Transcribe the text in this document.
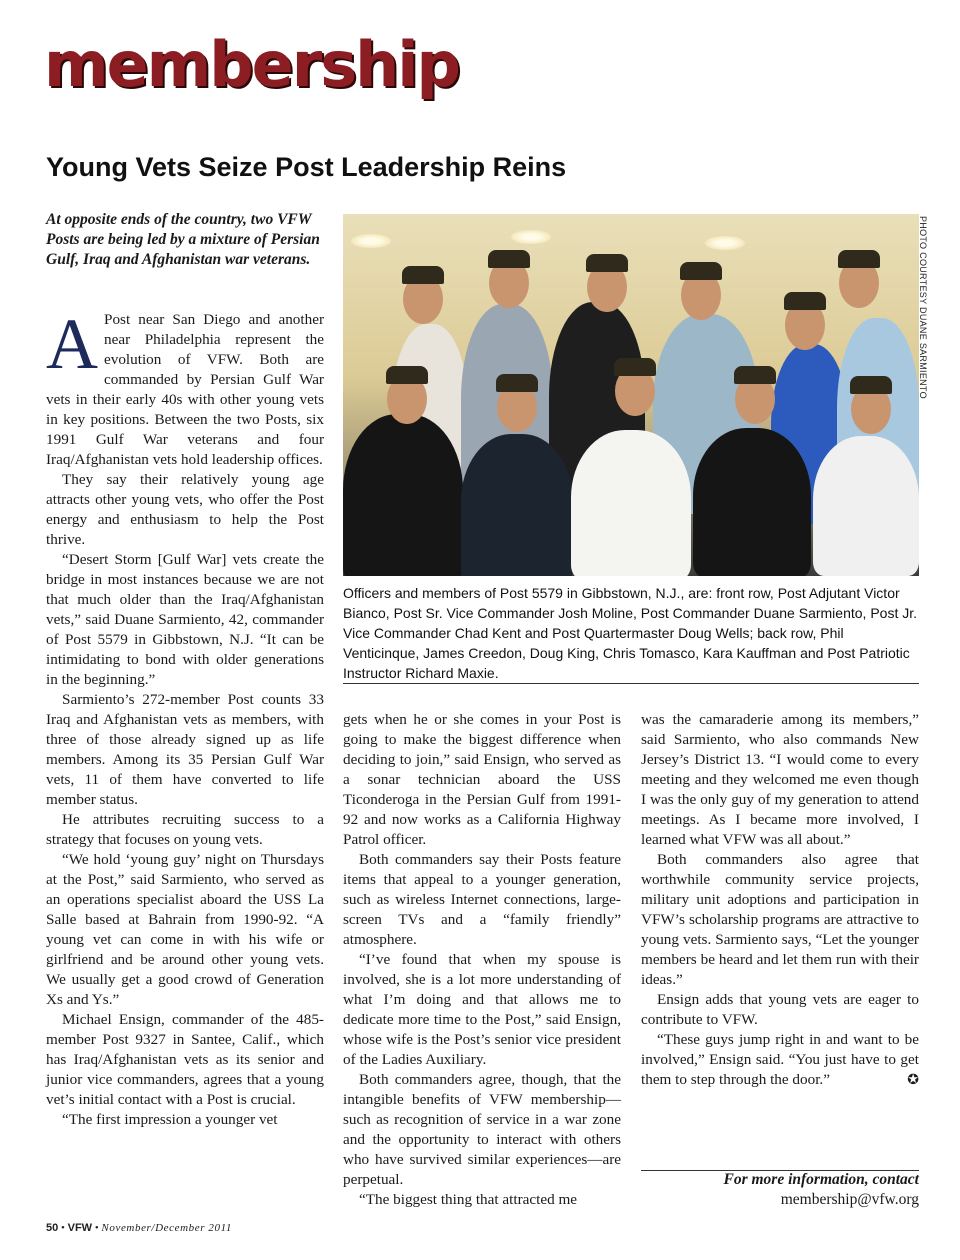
membership
Young Vets Seize Post Leadership Reins
At opposite ends of the country, two VFW Posts are being led by a mixture of Persian Gulf, Iraq and Afghanistan war veterans.

A Post near San Diego and another near Philadelphia represent the evolution of VFW. Both are commanded by Persian Gulf War vets in their early 40s with other young vets in key positions. Between the two Posts, six 1991 Gulf War veterans and four Iraq/Afghanistan vets hold leadership offices.

They say their relatively young age attracts other young vets, who offer the Post energy and enthusiasm to help the Post thrive.

“Desert Storm [Gulf War] vets create the bridge in most instances because we are not that much older than the Iraq/Afghanistan vets,” said Duane Sarmiento, 42, commander of Post 5579 in Gibbstown, N.J. “It can be intimidating to bond with older generations in the beginning.”

Sarmiento’s 272-member Post counts 33 Iraq and Afghanistan vets as members, with three of those already signed up as life members. Among its 35 Persian Gulf War vets, 11 of them have converted to life member status.

He attributes recruiting success to a strategy that focuses on young vets.

“We hold ‘young guy’ night on Thursdays at the Post,” said Sarmiento, who served as an operations specialist aboard the USS La Salle based at Bahrain from 1990-92. “A young vet can come in with his wife or girlfriend and be around other young vets. We usually get a good crowd of Generation Xs and Ys.”

Michael Ensign, commander of the 485-member Post 9327 in Santee, Calif., which has Iraq/Afghanistan vets as its senior and junior vice commanders, agrees that a young vet’s initial contact with a Post is crucial.

“The first impression a younger vet

PHOTO COURTESY DUANE SARMIENTO
Officers and members of Post 5579 in Gibbstown, N.J., are: front row, Post Adjutant Victor Bianco, Post Sr. Vice Commander Josh Moline, Post Commander Duane Sarmiento, Post Jr. Vice Commander Chad Kent and Post Quartermaster Doug Wells; back row, Phil Venticinque, James Creedon, Doug King, Chris Tomasco, Kara Kauffman and Post Patriotic Instructor Richard Maxie.

gets when he or she comes in your Post is going to make the biggest difference when deciding to join,” said Ensign, who served as a sonar technician aboard the USS Ticonderoga in the Persian Gulf from 1991-92 and now works as a California Highway Patrol officer.

Both commanders say their Posts feature items that appeal to a younger generation, such as wireless Internet connections, large-screen TVs and a “family friendly” atmosphere.

“I’ve found that when my spouse is involved, she is a lot more understanding of what I’m doing and that allows me to dedicate more time to the Post,” said Ensign, whose wife is the Post’s senior vice president of the Ladies Auxiliary.

Both commanders agree, though, that the intangible benefits of VFW membership—such as recognition of service in a war zone and the opportunity to interact with others who have survived similar experiences—are perpetual.

“The biggest thing that attracted me

was the camaraderie among its members,” said Sarmiento, who also commands New Jersey’s District 13. “I would come to every meeting and they welcomed me even though I was the only guy of my generation to attend meetings. As I became more involved, I learned what VFW was all about.”

Both commanders also agree that worthwhile community service projects, military unit adoptions and participation in VFW’s scholarship programs are attractive to young vets. Sarmiento says, “Let the younger members be heard and let them run with their ideas.”

Ensign adds that young vets are eager to contribute to VFW.

“These guys jump right in and want to be involved,” Ensign said. “You just have to get them to step through the door.”	✪

For more information, contact
membership@vfw.org
50 • VFW • November/December 2011
